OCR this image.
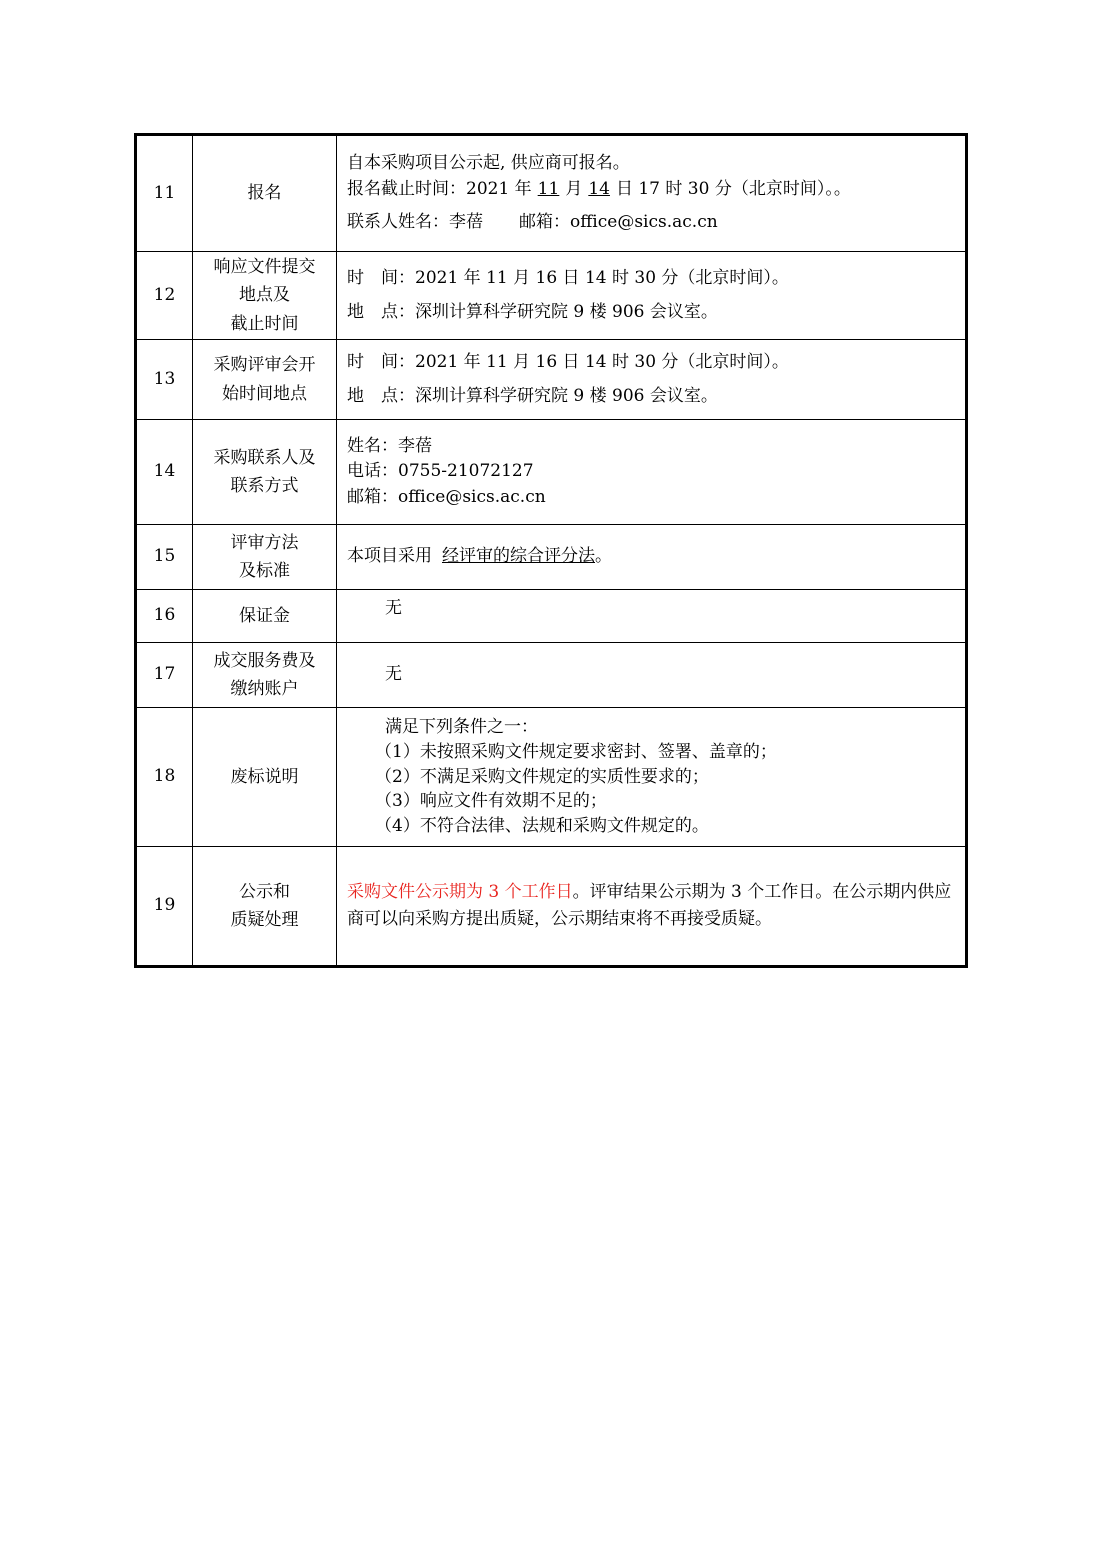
11	报名	自本采购项目公示起, 供应商可报名。
报名截止时间：2021 年 11 月 14 日 17 时 30 分（北京时间）。。
联系人姓名：李蓓 邮箱：office@sics.ac.cn

12	响应文件提交
地点及
截止时间	时　间：2021 年 11 月 16 日 14 时 30 分（北京时间）。
地　点：深圳计算科学研究院 9 楼 906 会议室。

13	采购评审会开
始时间地点	时　间：2021 年 11 月 16 日 14 时 30 分（北京时间）。
地　点：深圳计算科学研究院 9 楼 906 会议室。

14	采购联系人及
联系方式	姓名：李蓓
电话：0755-21072127
邮箱：office@sics.ac.cn

15	评审方法
及标准	本项目采用 经评审的综合评分法。

16	保证金	无

17	成交服务费及
缴纳账户	无

18	废标说明	满足下列条件之一：
（1）未按照采购文件规定要求密封、签署、盖章的；
（2）不满足采购文件规定的实质性要求的；
（3）响应文件有效期不足的；
（4）不符合法律、法规和采购文件规定的。

19	公示和
质疑处理	采购文件公示期为 3 个工作日。评审结果公示期为 3 个工作日。在公示期内供应商可以向采购方提出质疑，公示期结束将不再接受质疑。
